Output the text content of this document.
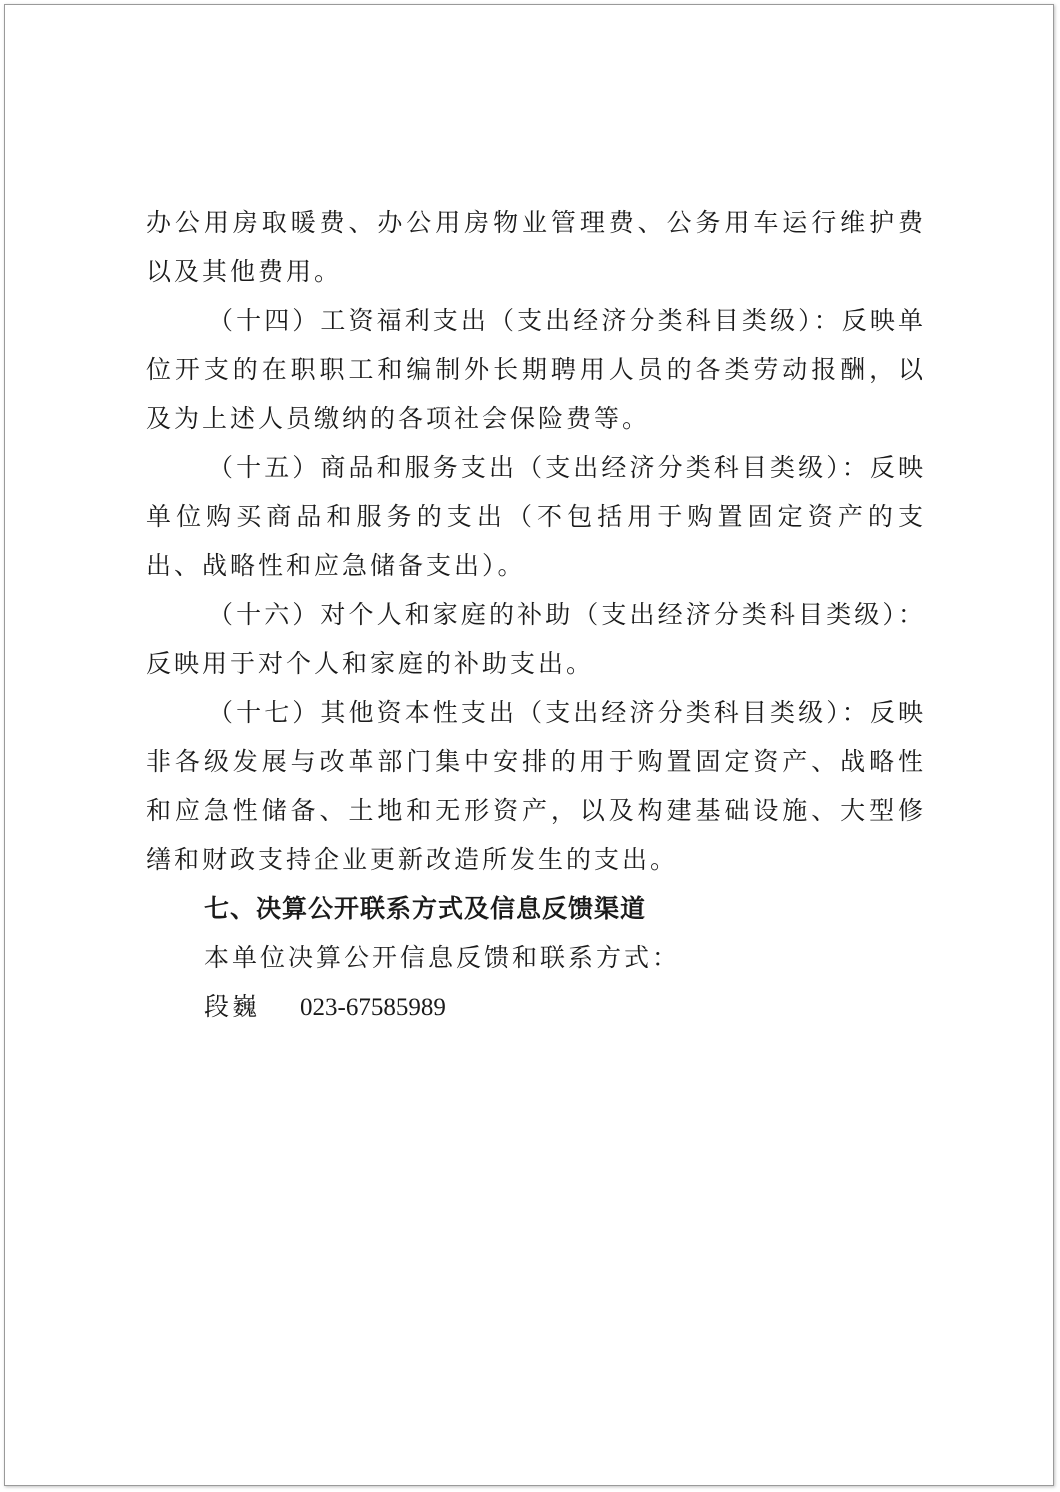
办公用房取暖费、办公用房物业管理费、公务用车运行维护费以及其他费用。

（十四）工资福利支出（支出经济分类科目类级）：反映单位开支的在职职工和编制外长期聘用人员的各类劳动报酬，以及为上述人员缴纳的各项社会保险费等。

（十五）商品和服务支出（支出经济分类科目类级）：反映单位购买商品和服务的支出（不包括用于购置固定资产的支出、战略性和应急储备支出）。

（十六）对个人和家庭的补助（支出经济分类科目类级）：反映用于对个人和家庭的补助支出。

（十七）其他资本性支出（支出经济分类科目类级）：反映非各级发展与改革部门集中安排的用于购置固定资产、战略性和应急性储备、土地和无形资产，以及构建基础设施、大型修缮和财政支持企业更新改造所发生的支出。

七、决算公开联系方式及信息反馈渠道

本单位决算公开信息反馈和联系方式：

段巍 023-67585989
